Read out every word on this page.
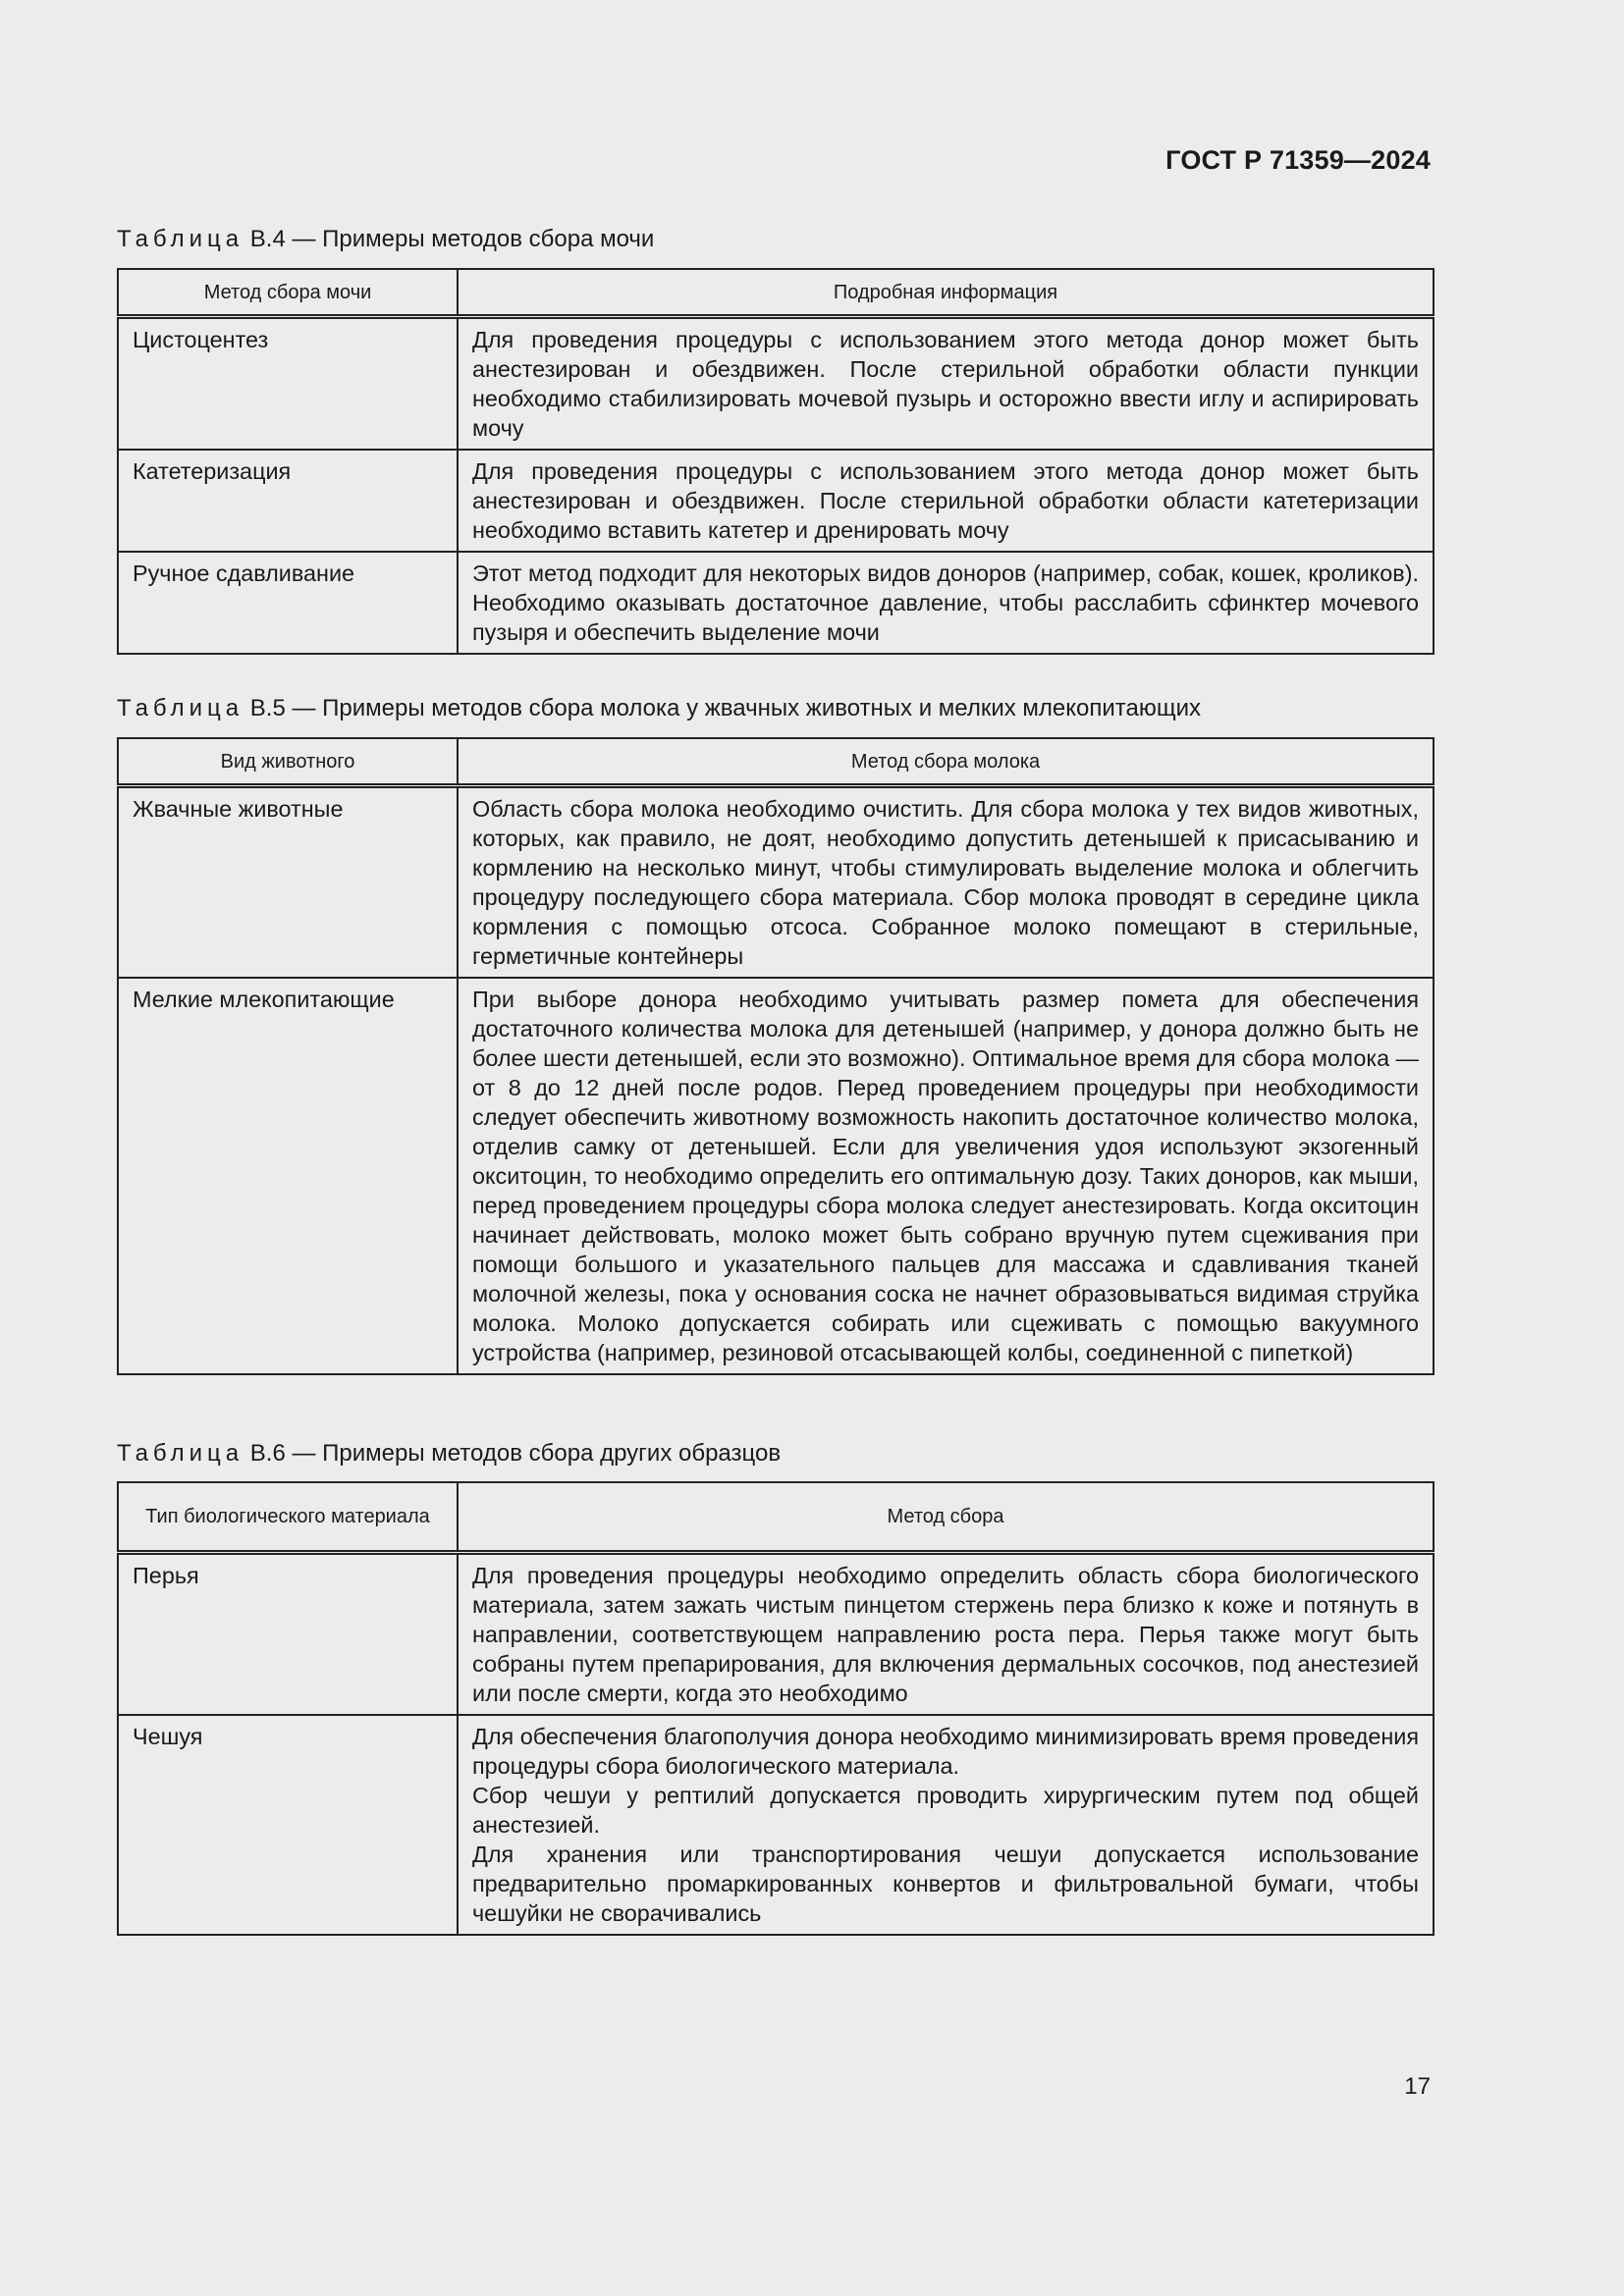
ГОСТ Р 71359—2024
Таблица В.4 — Примеры методов сбора мочи
Метод сбора мочи	Подробная информация
Цистоцентез	Для проведения процедуры с использованием этого метода донор может быть анестезирован и обездвижен. После стерильной обработки области пункции необходимо стабилизировать мочевой пузырь и осторожно ввести иглу и аспирировать мочу
Катетеризация	Для проведения процедуры с использованием этого метода донор может быть анестезирован и обездвижен. После стерильной обработки области катетеризации необходимо вставить катетер и дренировать мочу
Ручное сдавливание	Этот метод подходит для некоторых видов доноров (например, собак, кошек, кроликов). Необходимо оказывать достаточное давление, чтобы расслабить сфинктер мочевого пузыря и обеспечить выделение мочи
Таблица В.5 — Примеры методов сбора молока у жвачных животных и мелких млекопитающих
Вид животного	Метод сбора молока
Жвачные животные	Область сбора молока необходимо очистить. Для сбора молока у тех видов животных, которых, как правило, не доят, необходимо допустить детенышей к присасыванию и кормлению на несколько минут, чтобы стимулировать выделение молока и облегчить процедуру последующего сбора материала. Сбор молока проводят в середине цикла кормления с помощью отсоса. Собранное молоко помещают в стерильные, герметичные контейнеры
Мелкие млекопитающие	При выборе донора необходимо учитывать размер помета для обеспечения достаточного количества молока для детенышей (например, у донора должно быть не более шести детенышей, если это возможно). Оптимальное время для сбора молока — от 8 до 12 дней после родов. Перед проведением процедуры при необходимости следует обеспечить животному возможность накопить достаточное количество молока, отделив самку от детенышей. Если для увеличения удоя используют экзогенный окситоцин, то необходимо определить его оптимальную дозу. Таких доноров, как мыши, перед проведением процедуры сбора молока следует анестезировать. Когда окситоцин начинает действовать, молоко может быть собрано вручную путем сцеживания при помощи большого и указательного пальцев для массажа и сдавливания тканей молочной железы, пока у основания соска не начнет образовываться видимая струйка молока. Молоко допускается собирать или сцеживать с помощью вакуумного устройства (например, резиновой отсасывающей колбы, соединенной с пипеткой)
Таблица В.6 — Примеры методов сбора других образцов
Тип биологического материала	Метод сбора
Перья	Для проведения процедуры необходимо определить область сбора биологического материала, затем зажать чистым пинцетом стержень пера близко к коже и потянуть в направлении, соответствующем направлению роста пера. Перья также могут быть собраны путем препарирования, для включения дермальных сосочков, под анестезией или после смерти, когда это необходимо
Чешуя	Для обеспечения благополучия донора необходимо минимизировать время проведения процедуры сбора биологического материала.

Сбор чешуи у рептилий допускается проводить хирургическим путем под общей анестезией.

Для хранения или транспортирования чешуи допускается использование предварительно промаркированных конвертов и фильтровальной бумаги, чтобы чешуйки не сворачивались

17
